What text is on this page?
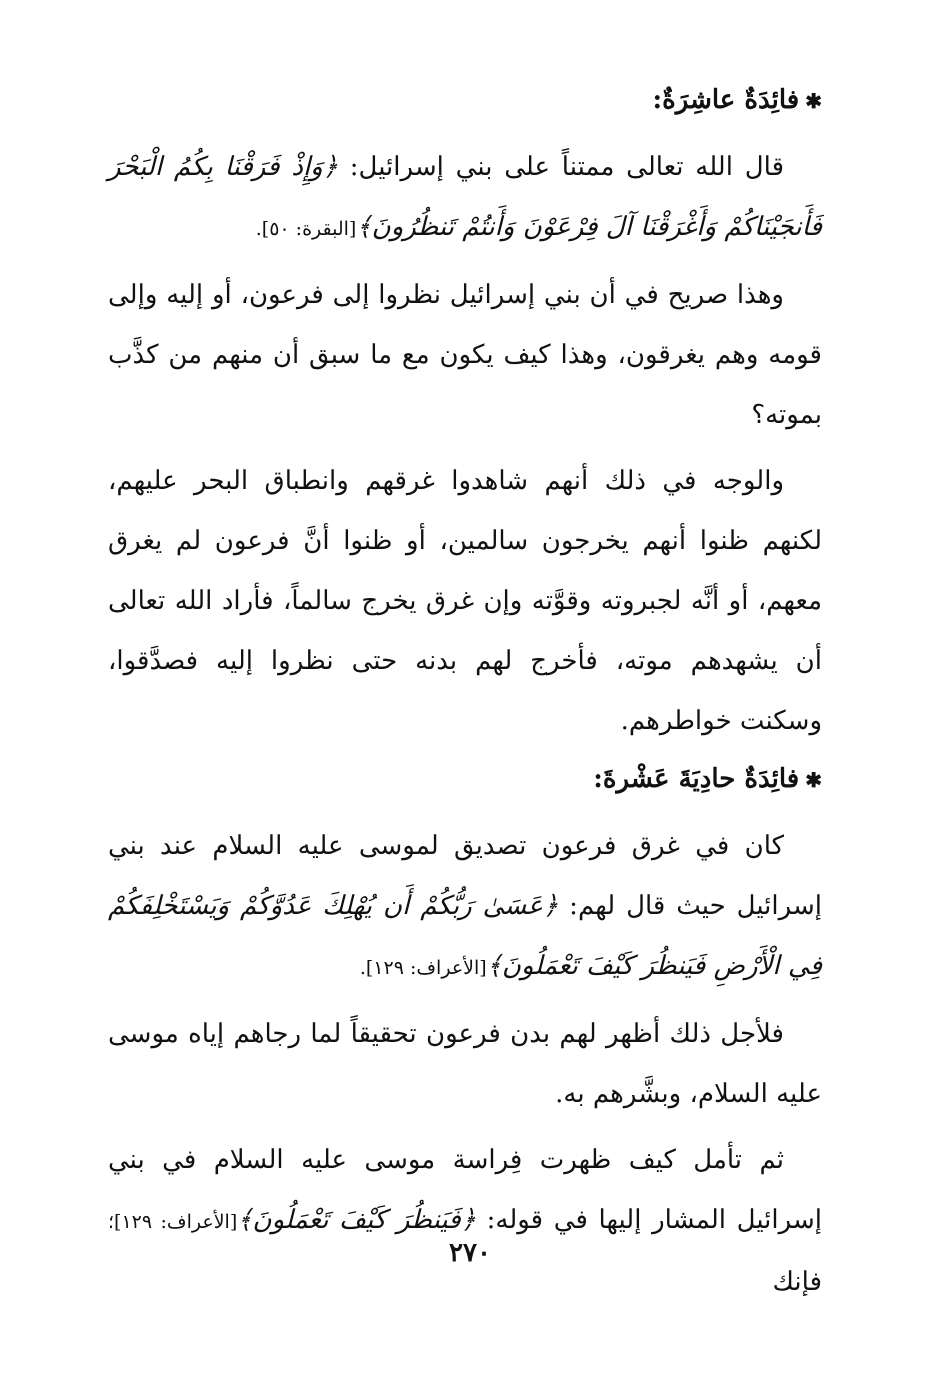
✱فائِدَةٌ عاشِرَةٌ:

قال الله تعالى ممتناً على بني إسرائيل: ﴿وَإِذْ فَرَقْنَا بِكُمُ الْبَحْرَ فَأَنجَيْنَاكُمْ وَأَغْرَقْنَا آلَ فِرْعَوْنَ وَأَنتُمْ تَنظُرُونَ﴾[البقرة: ٥٠].

وهذا صريح في أن بني إسرائيل نظروا إلى فرعون، أو إليه وإلى قومه وهم يغرقون، وهذا كيف يكون مع ما سبق أن منهم من كذَّب بموته؟

والوجه في ذلك أنهم شاهدوا غرقهم وانطباق البحر عليهم، لكنهم ظنوا أنهم يخرجون سالمين، أو ظنوا أنَّ فرعون لم يغرق معهم، أو أنَّه لجبروته وقوَّته وإن غرق يخرج سالماً، فأراد الله تعالى أن يشهدهم موته، فأخرج لهم بدنه حتى نظروا إليه فصدَّقوا، وسكنت خواطرهم.

✱فائِدَةٌ حادِيَةَ عَشْرةَ:

كان في غرق فرعون تصديق لموسى عليه السلام عند بني إسرائيل حيث قال لهم: ﴿عَسَىٰ رَبُّكُمْ أَن يُهْلِكَ عَدُوَّكُمْ وَيَسْتَخْلِفَكُمْ فِي الْأَرْضِ فَيَنظُرَ كَيْفَ تَعْمَلُونَ﴾[الأعراف: ١٢٩].

فلأجل ذلك أظهر لهم بدن فرعون تحقيقاً لما رجاهم إياه موسى عليه السلام، وبشَّرهم به.

ثم تأمل كيف ظهرت فِراسة موسى عليه السلام في بني إسرائيل المشار إليها في قوله: ﴿فَيَنظُرَ كَيْفَ تَعْمَلُونَ﴾[الأعراف: ١٢٩]؛ فإنك

٢٧٠
